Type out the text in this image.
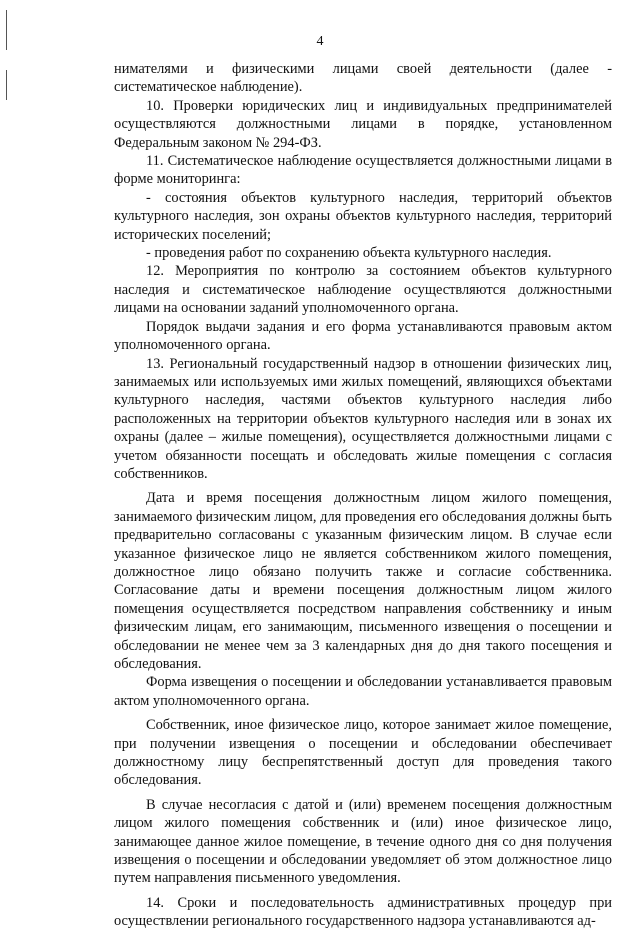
4

нимателями и физическими лицами своей деятельности (далее - систематическое наблюдение).

10. Проверки юридических лиц и индивидуальных предпринимателей осуществляются должностными лицами в порядке, установленном Федеральным законом № 294-ФЗ.

11. Систематическое наблюдение осуществляется должностными лицами в форме мониторинга:

- состояния объектов культурного наследия, территорий объектов культурного наследия, зон охраны объектов культурного наследия, территорий исторических поселений;

- проведения работ по сохранению объекта культурного наследия.

12. Мероприятия по контролю за состоянием объектов культурного наследия и систематическое наблюдение осуществляются должностными лицами на основании заданий уполномоченного органа.

Порядок выдачи задания и его форма устанавливаются правовым актом уполномоченного органа.

13. Региональный государственный надзор в отношении физических лиц, занимаемых или используемых ими жилых помещений, являющихся объектами культурного наследия, частями объектов культурного наследия либо расположенных на территории объектов культурного наследия или в зонах их охраны (далее – жилые помещения), осуществляется должностными лицами с учетом обязанности посещать и обследовать жилые помещения с согласия собственников.

Дата и время посещения должностным лицом жилого помещения, занимаемого физическим лицом, для проведения его обследования должны быть предварительно согласованы с указанным физическим лицом. В случае если указанное физическое лицо не является собственником жилого помещения, должностное лицо обязано получить также и согласие собственника. Согласование даты и времени посещения должностным лицом жилого помещения осуществляется посредством направления собственнику и иным физическим лицам, его занимающим, письменного извещения о посещении и обследовании не менее чем за 3 календарных дня до дня такого посещения и обследования.

Форма извещения о посещении и обследовании устанавливается правовым актом уполномоченного органа.

Собственник, иное физическое лицо, которое занимает жилое помещение, при получении извещения о посещении и обследовании обеспечивает должностному лицу беспрепятственный доступ для проведения такого обследования.

В случае несогласия с датой и (или) временем посещения должностным лицом жилого помещения собственник и (или) иное физическое лицо, занимающее данное жилое помещение, в течение одного дня со дня получения извещения о посещении и обследовании уведомляет об этом должностное лицо путем направления письменного уведомления.

14. Сроки и последовательность административных процедур при осуществлении регионального государственного надзора устанавливаются ад-
